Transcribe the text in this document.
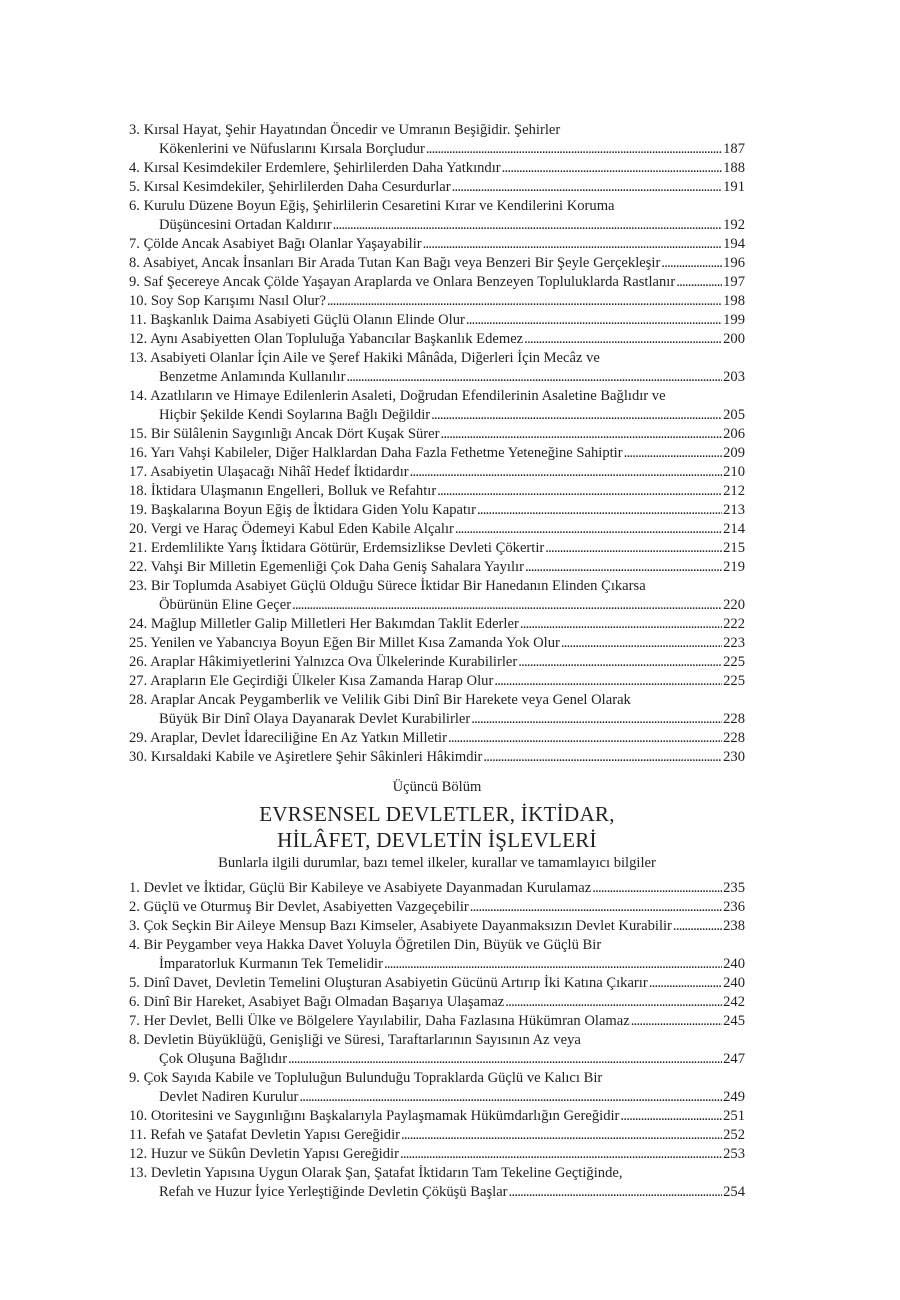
3. Kırsal Hayat, Şehir Hayatından Öncedir ve Umranın Beşiğidir. Şehirler
Kökenlerini ve Nüfuslarını Kırsala Borçludur . . .	187
4. Kırsal Kesimdekiler Erdemlere, Şehirlilerden Daha Yatkındır . . .	188
5. Kırsal Kesimdekiler, Şehirlilerden Daha Cesurdurlar . . .	191
6. Kurulu Düzene Boyun Eğiş, Şehirlilerin Cesaretini Kırar ve Kendilerini Koruma
Düşüncesini Ortadan Kaldırır . . .	192
7. Çölde Ancak Asabiyet Bağı Olanlar Yaşayabilir . . .	194
8. Asabiyet, Ancak İnsanları Bir Arada Tutan Kan Bağı veya Benzeri Bir Şeyle Gerçekleşir . . .	196
9. Saf Şecereye Ancak Çölde Yaşayan Araplarda ve Onlara Benzeyen Topluluklarda Rastlanır . . .	197
10. Soy Sop Karışımı Nasıl Olur? . . .	198
11. Başkanlık Daima Asabiyeti Güçlü Olanın Elinde Olur . . .	199
12. Aynı Asabiyetten Olan Topluluğa Yabancılar Başkanlık Edemez . . .	200
13. Asabiyeti Olanlar İçin Aile ve Şeref Hakiki Mânâda, Diğerleri İçin Mecâz ve
Benzetme Anlamında Kullanılır . . .	203
14. Azatlıların ve Himaye Edilenlerin Asaleti, Doğrudan Efendilerinin Asaletine Bağlıdır ve
Hiçbir Şekilde Kendi Soylarına Bağlı Değildir . . .	205
15. Bir Sülâlenin Saygınlığı Ancak Dört Kuşak Sürer . . .	206
16. Yarı Vahşi Kabileler, Diğer Halklardan Daha Fazla Fethetme Yeteneğine Sahiptir . . .	209
17. Asabiyetin Ulaşacağı Nihâî Hedef İktidardır . . .	210
18. İktidara Ulaşmanın Engelleri, Bolluk ve Refahtır . . .	212
19. Başkalarına Boyun Eğiş de İktidara Giden Yolu Kapatır . . .	213
20. Vergi ve Haraç Ödemeyi Kabul Eden Kabile Alçalır . . .	214
21. Erdemlilikte Yarış İktidara Götürür, Erdemsizlikse Devleti Çökertir . . .	215
22. Vahşi Bir Milletin Egemenliği Çok Daha Geniş Sahalara Yayılır . . .	219
23. Bir Toplumda Asabiyet Güçlü Olduğu Sürece İktidar Bir Hanedanın Elinden Çıkarsa
Öbürünün Eline Geçer . . .	220
24. Mağlup Milletler Galip Milletleri Her Bakımdan Taklit Ederler . . .	222
25. Yenilen ve Yabancıya Boyun Eğen Bir Millet Kısa Zamanda Yok Olur . . .	223
26. Araplar Hâkimiyetlerini Yalnızca Ova Ülkelerinde Kurabilirler . . .	225
27. Arapların Ele Geçirdiği Ülkeler Kısa Zamanda Harap Olur . . .	225
28. Araplar Ancak Peygamberlik ve Velilik Gibi Dinî Bir Harekete veya Genel Olarak
Büyük Bir Dinî Olaya Dayanarak Devlet Kurabilirler . . .	228
29. Araplar, Devlet İdareciliğine En Az Yatkın Milletir . . .	228
30. Kırsaldaki Kabile ve Aşiretlere Şehir Sâkinleri Hâkimdir . . .	230
Üçüncü Bölüm
EVRSENSEL DEVLETLER, İKTİDAR,
HİLÂFET, DEVLETİN İŞLEVLERİ
Bunlarla ilgili durumlar, bazı temel ilkeler, kurallar ve tamamlayıcı bilgiler
1. Devlet ve İktidar, Güçlü Bir Kabileye ve Asabiyete Dayanmadan Kurulamaz . . .	235
2. Güçlü ve Oturmuş Bir Devlet, Asabiyetten Vazgeçebilir . . .	236
3. Çok Seçkin Bir Aileye Mensup Bazı Kimseler, Asabiyete Dayanmaksızın Devlet Kurabilir . . .	238
4. Bir Peygamber veya Hakka Davet Yoluyla Öğretilen Din, Büyük ve Güçlü Bir
İmparatorluk Kurmanın Tek Temelidir . . .	240
5. Dinî Davet, Devletin Temelini Oluşturan Asabiyetin Gücünü Artırıp İki Katına Çıkarır . . .	240
6. Dinî Bir Hareket, Asabiyet Bağı Olmadan Başarıya Ulaşamaz . . .	242
7. Her Devlet, Belli Ülke ve Bölgelere Yayılabilir, Daha Fazlasına Hükümran Olamaz . . .	245
8. Devletin Büyüklüğü, Genişliği ve Süresi, Taraftarlarının Sayısının Az veya
Çok Oluşuna Bağlıdır . . .	247
9. Çok Sayıda Kabile ve Topluluğun Bulunduğu Topraklarda Güçlü ve Kalıcı Bir
Devlet Nadiren Kurulur . . .	249
10. Otoritesini ve Saygınlığını Başkalarıyla Paylaşmamak Hükümdarlığın Gereğidir . . .	251
11. Refah ve Şatafat Devletin Yapısı Gereğidir . . .	252
12. Huzur ve Sükûn Devletin Yapısı Gereğidir . . .	253
13. Devletin Yapısına Uygun Olarak Şan, Şatafat İktidarın Tam Tekeline Geçtiğinde,
Refah ve Huzur İyice Yerleştiğinde Devletin Çöküşü Başlar . . .	254
